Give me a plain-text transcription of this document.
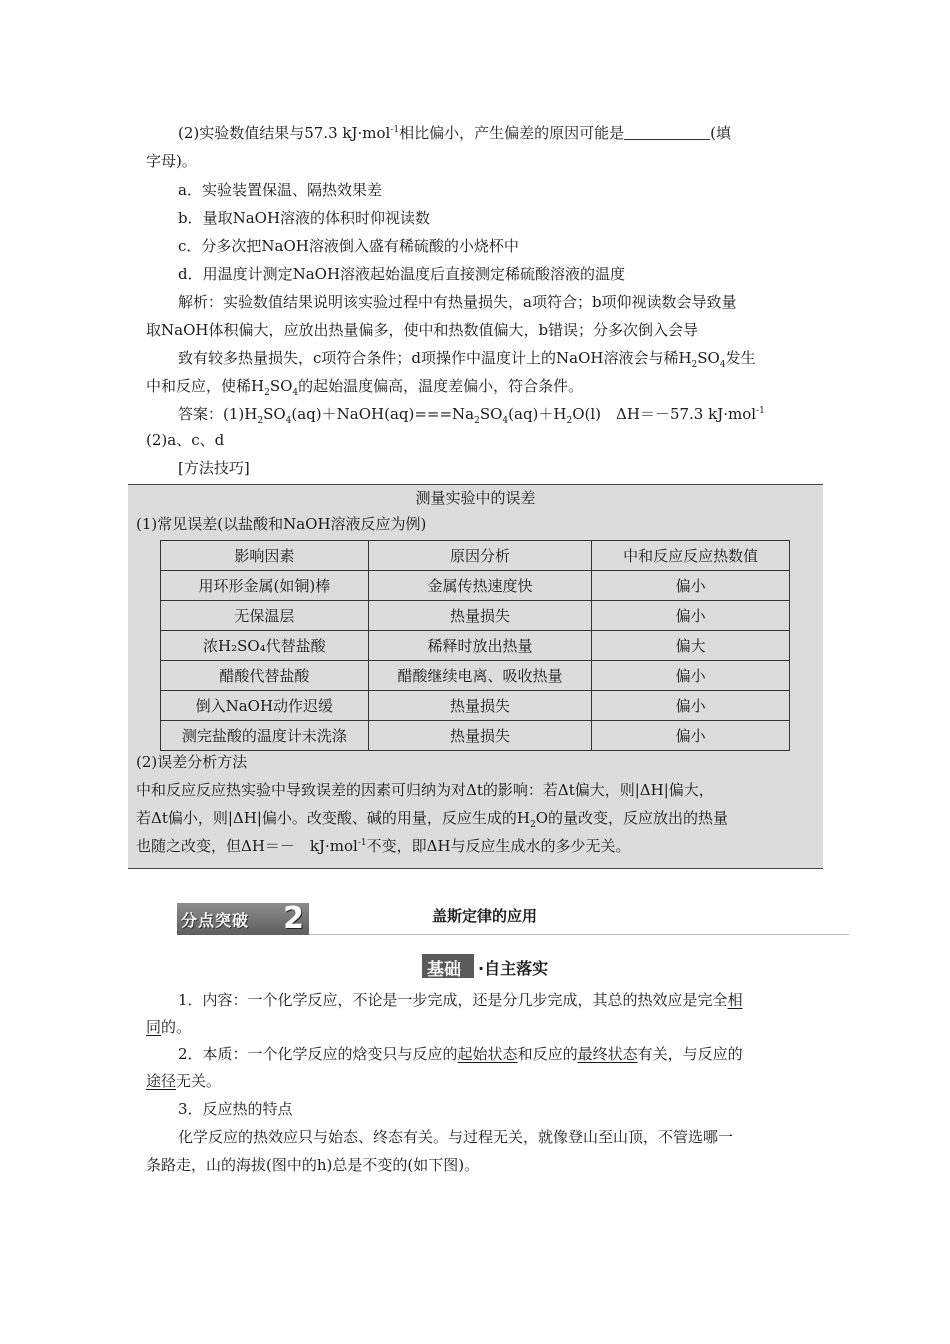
(2)实验数值结果与57.3 kJ·mol$^{-1}$相比偏小，产生偏差的原因可能是	(填
字母)。
a．实验装置保温、隔热效果差
b．量取NaOH溶液的体积时仰视读数
c．分多次把NaOH溶液倒入盛有稀硫酸的小烧杯中
d．用温度计测定NaOH溶液起始温度后直接测定稀硫酸溶液的温度
解析：实验数值结果说明该实验过程中有热量损失，a项符合；b项仰视读数会导致量
取NaOH体积偏大，应放出热量偏多，使中和热数值偏大，b错误；分多次倒入会导
致有较多热量损失，c项符合条件；d项操作中温度计上的NaOH溶液会与稀$H_2SO_4$发生
中和反应，使稀$H_2SO_4$的起始温度偏高，温度差偏小，符合条件。
答案：$(1)H_2SO_4(aq)+NaOH(aq)===Na_2SO_4(aq)+H_2O(l)$　ΔH＝－57.3 kJ·mol$^{-1}$
(2)a、c、d
[方法技巧]
测量实验中的误差
(1)常见误差(以盐酸和NaOH溶液反应为例)
影响因素	原因分析	中和反应反应热数值
用环形金属(如铜)棒	金属传热速度快	偏小
无保温层	热量损失	偏小
浓H₂SO₄代替盐酸	稀释时放出热量	偏大
醋酸代替盐酸	醋酸继续电离、吸收热量	偏小
倒入NaOH动作迟缓	热量损失	偏小
测完盐酸的温度计未洗涤	热量损失	偏小
(2)误差分析方法
中和反应反应热实验中导致误差的因素可归纳为对Δt的影响：若Δt偏大，则|ΔH|偏大，
若Δt偏小，则|ΔH|偏小。改变酸、碱的用量，反应生成的$H_2O$的量改变，反应放出的热量
也随之改变，但ΔH＝－　kJ·mol$^{-1}$不变，即ΔH与反应生成水的多少无关。
分点突破 2	盖斯定律的应用
基础 ·自主落实
1．内容：一个化学反应，不论是一步完成，还是分几步完成，其总的热效应是完全相
同的。
2．本质：一个化学反应的焓变只与反应的起始状态和反应的最终状态有关，与反应的
途径无关。
3．反应热的特点
化学反应的热效应只与始态、终态有关。与过程无关，就像登山至山顶，不管选哪一
条路走，山的海拔(图中的h)总是不变的(如下图)。
